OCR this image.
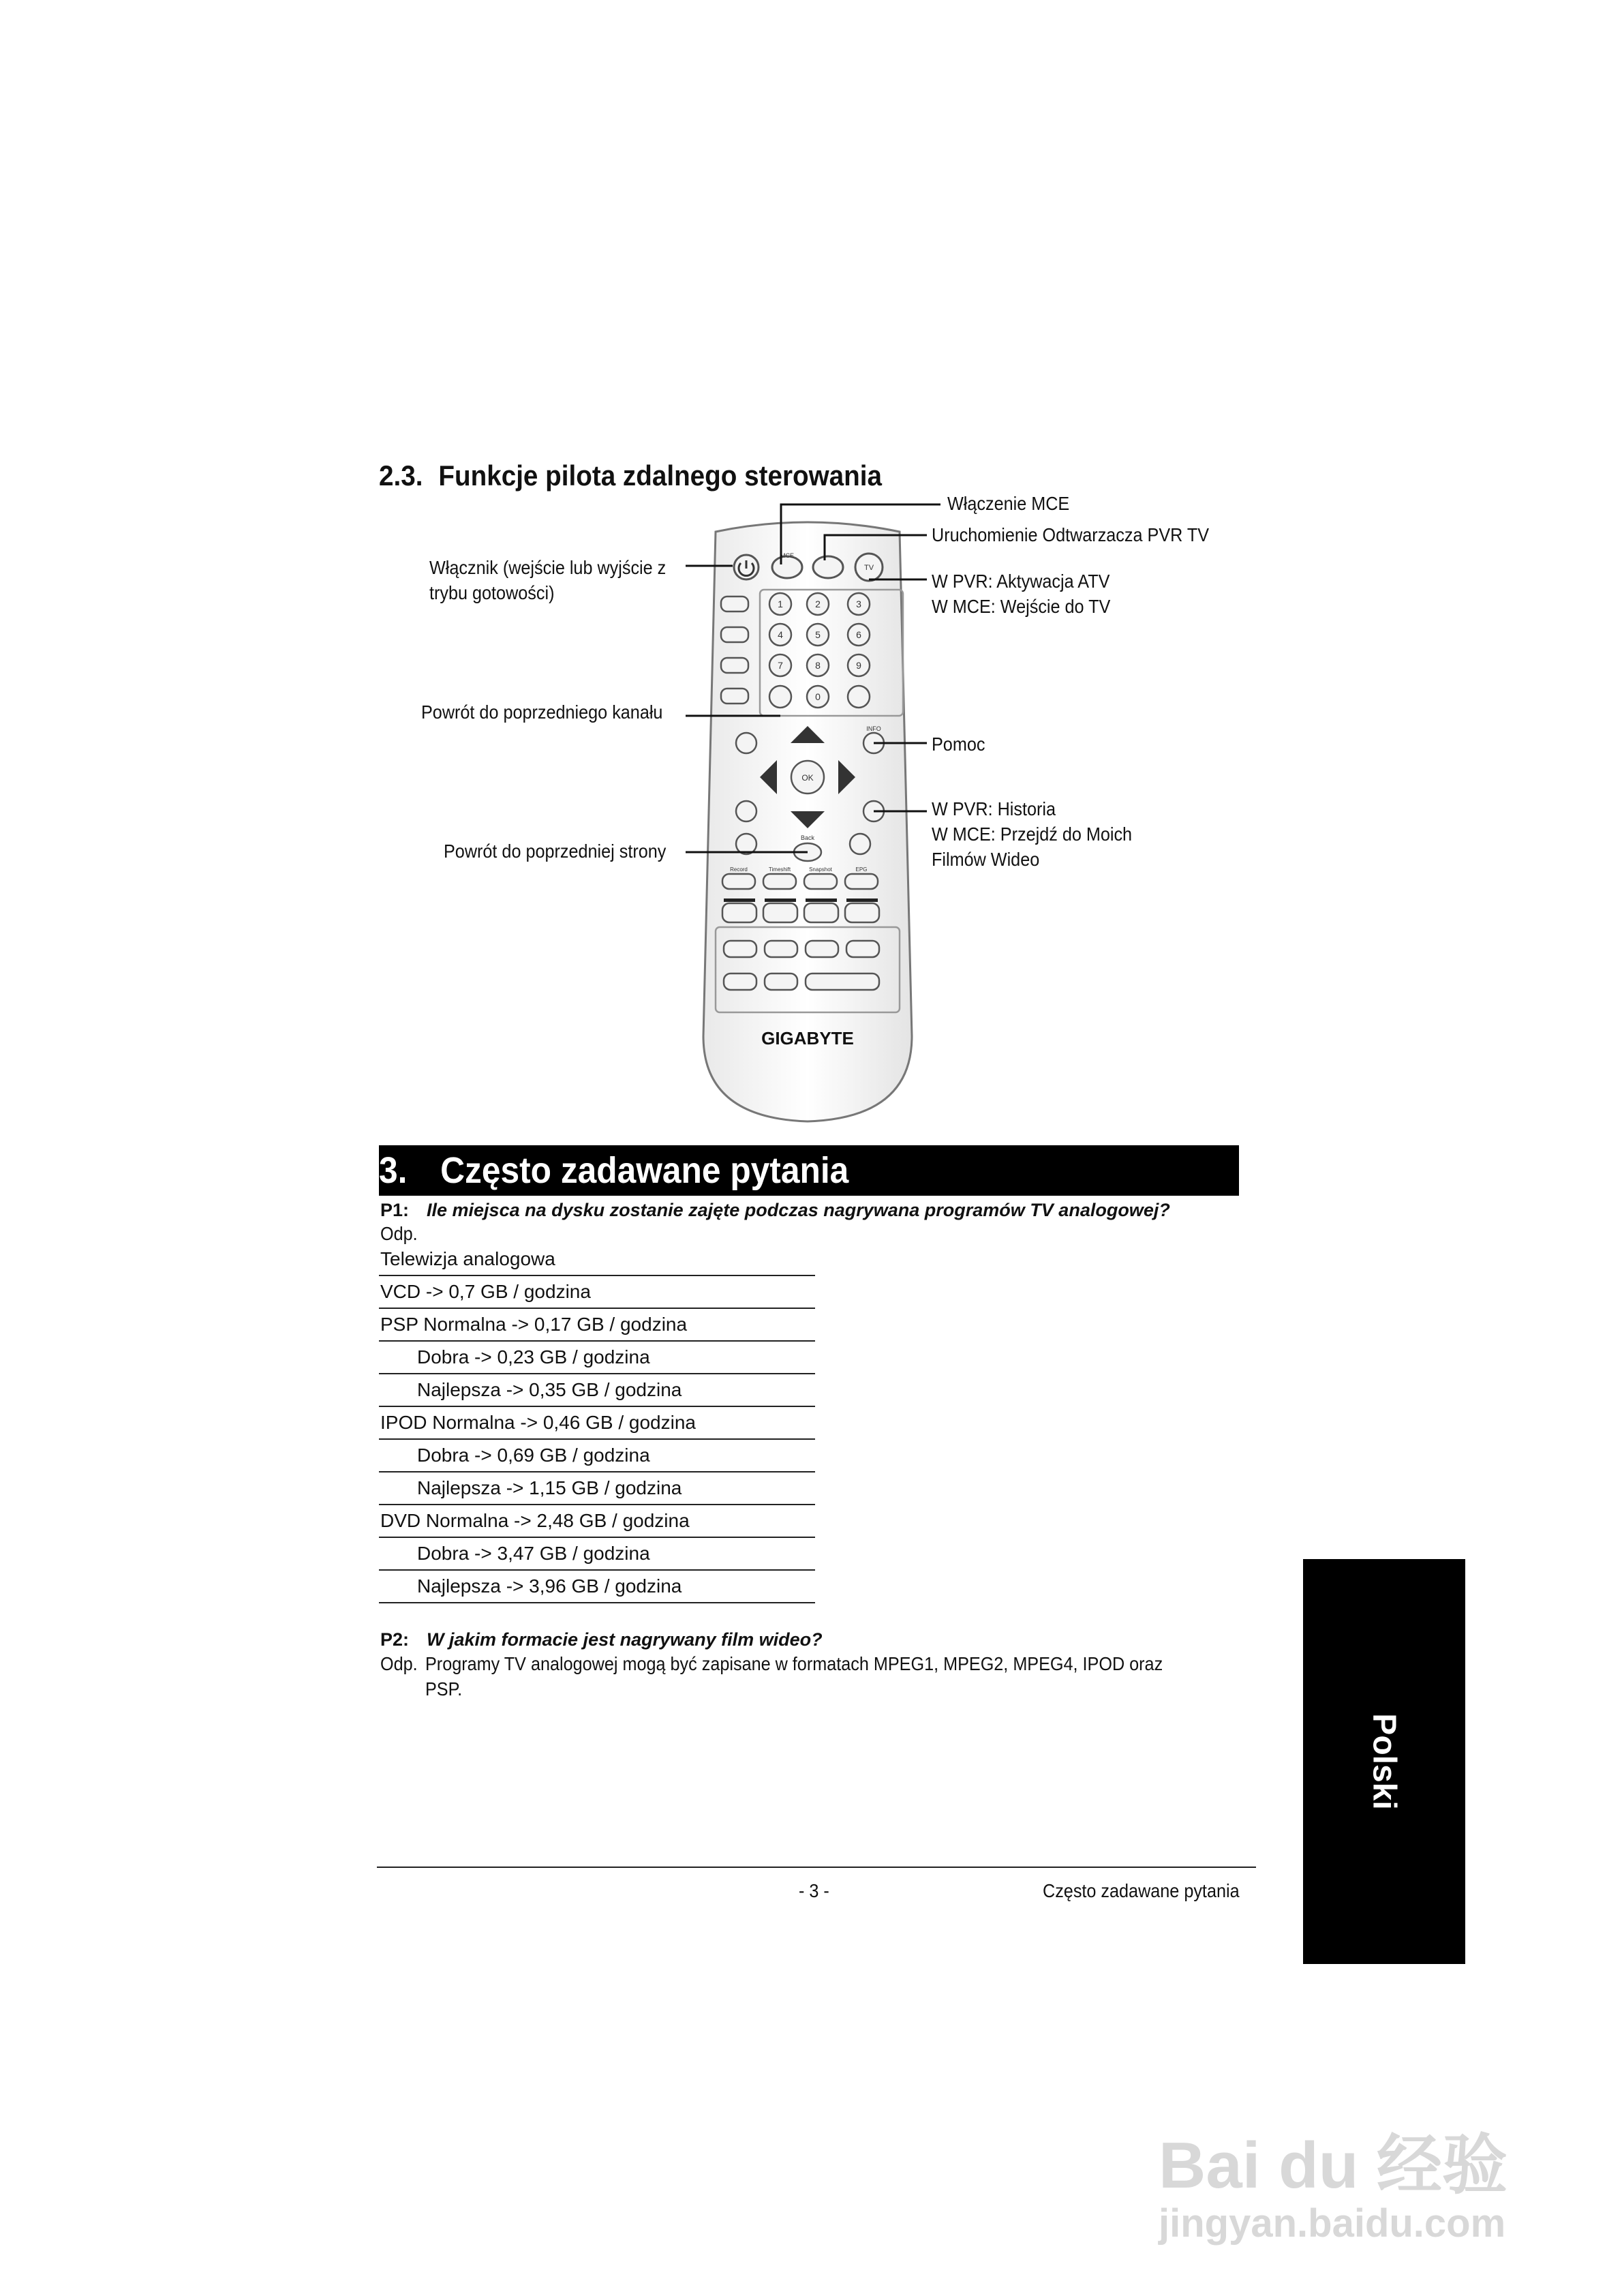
2.3. Funkcje pilota zdalnego sterowania
MCE
TV
1	2	3
4	5	6
7	8	9
0
INFO
OK
Back
Record	Timeshift	Snapshot	EPG
GIGABYTE
Włącznik (wejście lub wyjście z
trybu gotowości)
Powrót do poprzedniego kanału
Powrót do poprzedniej strony
Włączenie MCE
Uruchomienie Odtwarzacza PVR TV
W PVR: Aktywacja ATV
W MCE: Wejście do TV
Pomoc
W PVR: Historia
W MCE: Przejdź do Moich
Filmów Wideo
3. Często zadawane pytania
P1: Ile miejsca na dysku zostanie zajęte podczas nagrywana programów TV analogowej?
Odp.
Telewizja analogowa
VCD -> 0,7 GB / godzina
PSP Normalna -> 0,17 GB / godzina
Dobra -> 0,23 GB / godzina
Najlepsza -> 0,35 GB / godzina
IPOD Normalna -> 0,46 GB / godzina
Dobra -> 0,69 GB / godzina
Najlepsza -> 1,15 GB / godzina
DVD Normalna -> 2,48 GB / godzina
Dobra -> 3,47 GB / godzina
Najlepsza -> 3,96 GB / godzina
P2: W jakim formacie jest nagrywany film wideo?
Odp. Programy TV analogowej mogą być zapisane w formatach MPEG1, MPEG2, MPEG4, IPOD oraz
PSP.
- 3 -	Często zadawane pytania
Polski
Bai du 经验
jingyan.baidu.com
